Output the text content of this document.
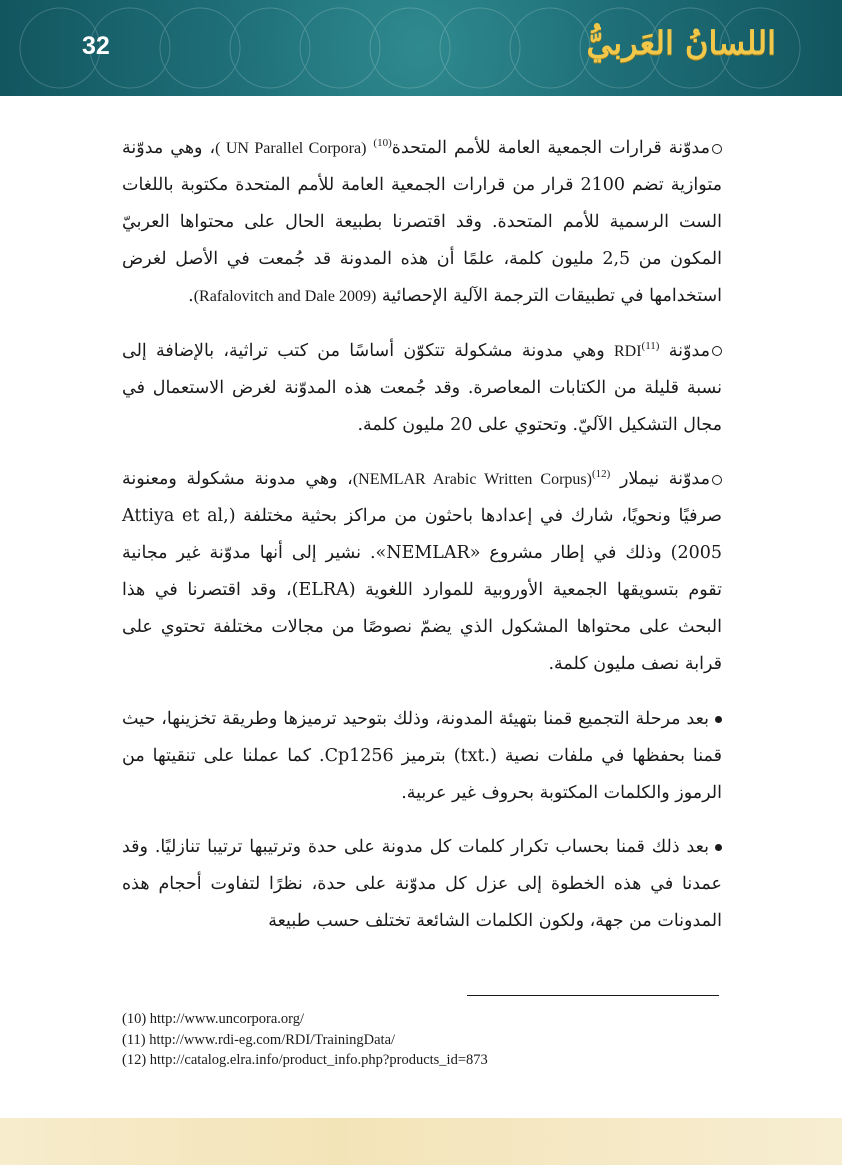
32	اللسانُ العَربيُّ

مدوّنة قرارات الجمعية العامة للأمم المتحدة$^{(10)}$ ( UN Parallel Corpora)، وهي مدوّنة متوازية تضم 2100 قرار من قرارات الجمعية العامة للأمم المتحدة مكتوبة باللغات الست الرسمية للأمم المتحدة. وقد اقتصرنا بطبيعة الحال على محتواها العربيّ المكون من 2,5 مليون كلمة، علمًا أن هذه المدونة قد جُمعت في الأصل لغرض استخدامها في تطبيقات الترجمة الآلية الإحصائية (Rafalovitch and Dale 2009).

مدوّنة $^{(11)}$RDI وهي مدونة مشكولة تتكوّن أساسًا من كتب تراثية، بالإضافة إلى نسبة قليلة من الكتابات المعاصرة. وقد جُمعت هذه المدوّنة لغرض الاستعمال في مجال التشكيل الآليّ. وتحتوي على 20 مليون كلمة.

مدوّنة نيملار $^{(12)}$(NEMLAR Arabic Written Corpus)، وهي مدونة مشكولة ومعنونة صرفيًا ونحويًا، شارك في إعدادها باحثون من مراكز بحثية مختلفة (Attiya et al, 2005) وذلك في إطار مشروع «NEMLAR». نشير إلى أنها مدوّنة غير مجانية تقوم بتسويقها الجمعية الأوروبية للموارد اللغوية (ELRA)، وقد اقتصرنا في هذا البحث على محتواها المشكول الذي يضمّ نصوصًا من مجالات مختلفة تحتوي على قرابة نصف مليون كلمة.

بعد مرحلة التجميع قمنا بتهيئة المدونة، وذلك بتوحيد ترميزها وطريقة تخزينها، حيث قمنا بحفظها في ملفات نصية (.txt) بترميز Cp1256. كما عملنا على تنقيتها من الرموز والكلمات المكتوبة بحروف غير عربية.

بعد ذلك قمنا بحساب تكرار كلمات كل مدونة على حدة وترتيبها ترتيبا تنازليًا. وقد عمدنا في هذه الخطوة إلى عزل كل مدوّنة على حدة، نظرًا لتفاوت أحجام هذه المدونات من جهة، ولكون الكلمات الشائعة تختلف حسب طبيعة

(10) http://www.uncorpora.org/
(11) http://www.rdi-eg.com/RDI/TrainingData/
(12) http://catalog.elra.info/product_info.php?products_id=873
